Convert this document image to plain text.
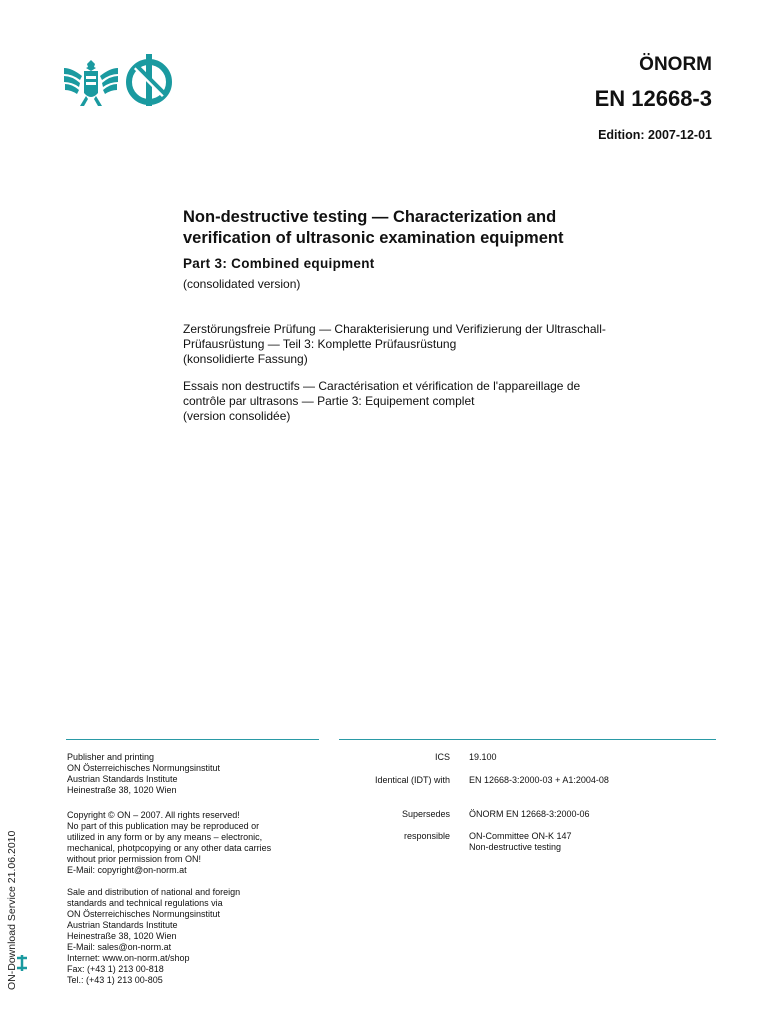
ÖNORM
EN 12668-3
Edition: 2007-12-01
Non-destructive testing — Characterization and
verification of ultrasonic examination equipment
Part 3: Combined equipment
(consolidated version)
Zerstörungsfreie Prüfung — Charakterisierung und Verifizierung der Ultraschall-
Prüfausrüstung — Teil 3: Komplette Prüfausrüstung
(konsolidierte Fassung)
Essais non destructifs — Caractérisation et vérification de l'appareillage de
contrôle par ultrasons — Partie 3: Equipement complet
(version consolidée)
Publisher and printing
ON Österreichisches Normungsinstitut
Austrian Standards Institute
Heinestraße 38, 1020 Wien
Copyright © ON – 2007. All rights reserved!
No part of this publication may be reproduced or
utilized in any form or by any means – electronic,
mechanical, photpcopying or any other data carries
without prior permission from ON!
E-Mail: copyright@on-norm.at
Sale and distribution of national and foreign
standards and technical regulations via
ON Österreichisches Normungsinstitut
Austrian Standards Institute
Heinestraße 38, 1020 Wien
E-Mail: sales@on-norm.at
Internet: www.on-norm.at/shop
Fax: (+43 1) 213 00-818
Tel.: (+43 1) 213 00-805
ICS 19.100
Identical (IDT) with EN 12668-3:2000-03 + A1:2004-08
Supersedes ÖNORM EN 12668-3:2000-06
responsible ON-Committee ON-K 147
Non-destructive testing
ON-Download Service 21.06.2010
